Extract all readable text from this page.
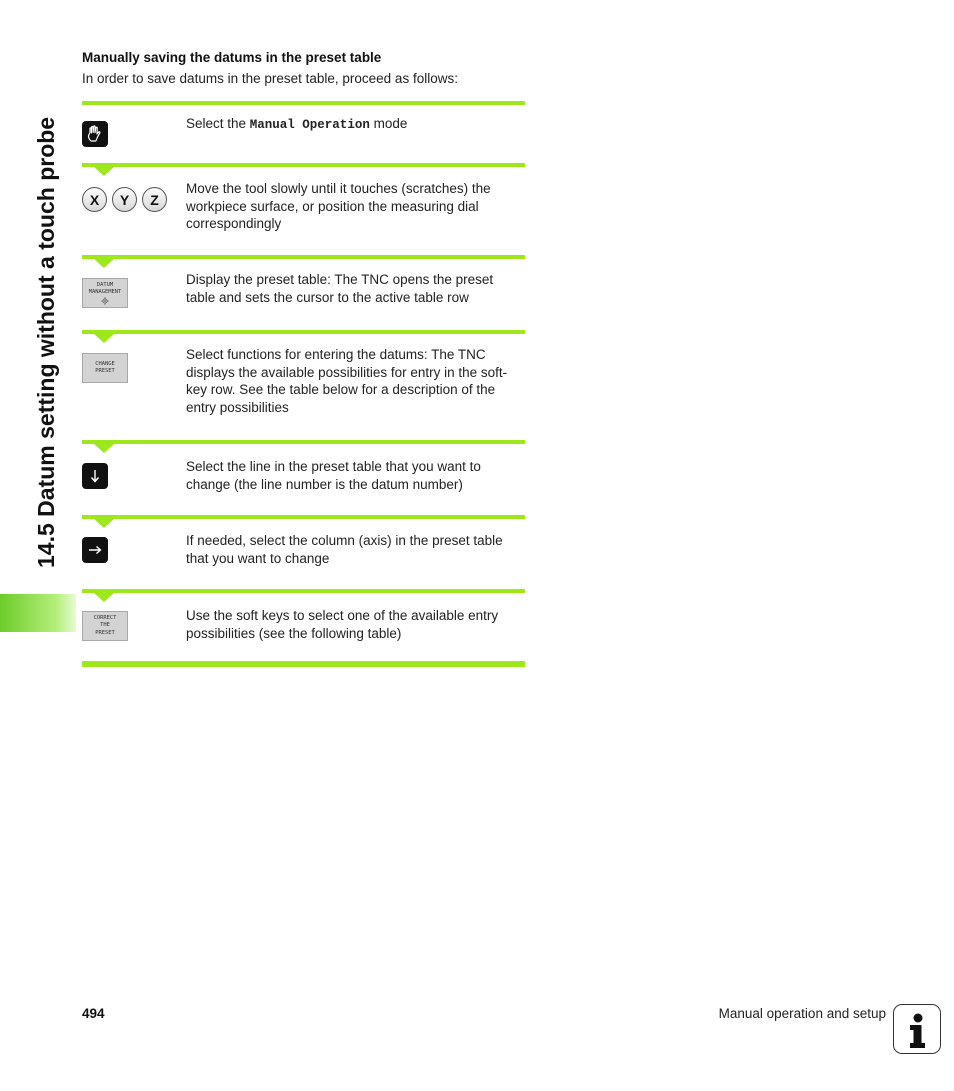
14.5 Datum setting without a touch probe
Manually saving the datums in the preset table
In order to save datums in the preset table, proceed as follows:
Select the Manual Operation mode
X	Y	Z
Move the tool slowly until it touches (scratches) the workpiece surface, or position the measuring dial correspondingly
DATUM
MANAGEMENT
Display the preset table: The TNC opens the preset table and sets the cursor to the active table row
CHANGE
PRESET
Select functions for entering the datums: The TNC displays the available possibilities for entry in the soft-key row. See the table below for a description of the entry possibilities
Select the line in the preset table that you want to change (the line number is the datum number)
If needed, select the column (axis) in the preset table that you want to change
CORRECT
THE
PRESET
Use the soft keys to select one of the available entry possibilities (see the following table)
494	Manual operation and setup
